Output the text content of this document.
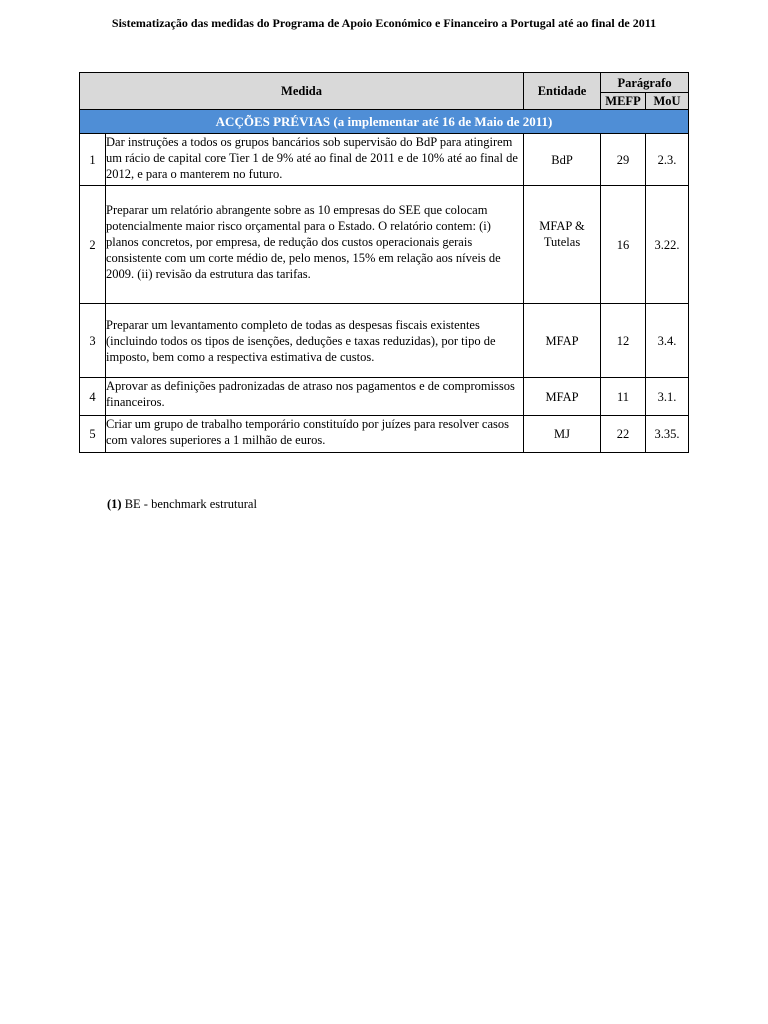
Sistematização das medidas do Programa de Apoio Económico e Financeiro a Portugal até ao final de 2011
Medida		Entidade	Parágrafo	
			MEFP	MoU
ACÇÕES PRÉVIAS (a implementar até 16 de Maio de 2011)				
1	Dar instruções a todos os grupos bancários sob supervisão do BdP para atingirem um rácio de capital core Tier 1 de 9% até ao final de 2011 e de 10% até ao final de 2012, e para o manterem no futuro.	BdP	29	2.3.
2	Preparar um relatório abrangente sobre as 10 empresas do SEE que colocam potencialmente maior risco orçamental para o Estado. O relatório contem: (i) planos concretos, por empresa, de redução dos custos operacionais gerais consistente com um corte médio de, pelo menos, 15% em relação aos níveis de 2009. (ii) revisão da estrutura das tarifas.	MFAP & Tutelas	16	3.22.
3	Preparar um levantamento completo de todas as despesas fiscais existentes (incluindo todos os tipos de isenções, deduções e taxas reduzidas), por tipo de imposto, bem como a respectiva estimativa de custos.	MFAP	12	3.4.
4	Aprovar as definições padronizadas de atraso nos pagamentos e de compromissos financeiros.	MFAP	11	3.1.
5	Criar um grupo de trabalho temporário constituído por juízes para resolver casos com valores superiores a 1 milhão de euros.	MJ	22	3.35.
(1) BE - benchmark estrutural
